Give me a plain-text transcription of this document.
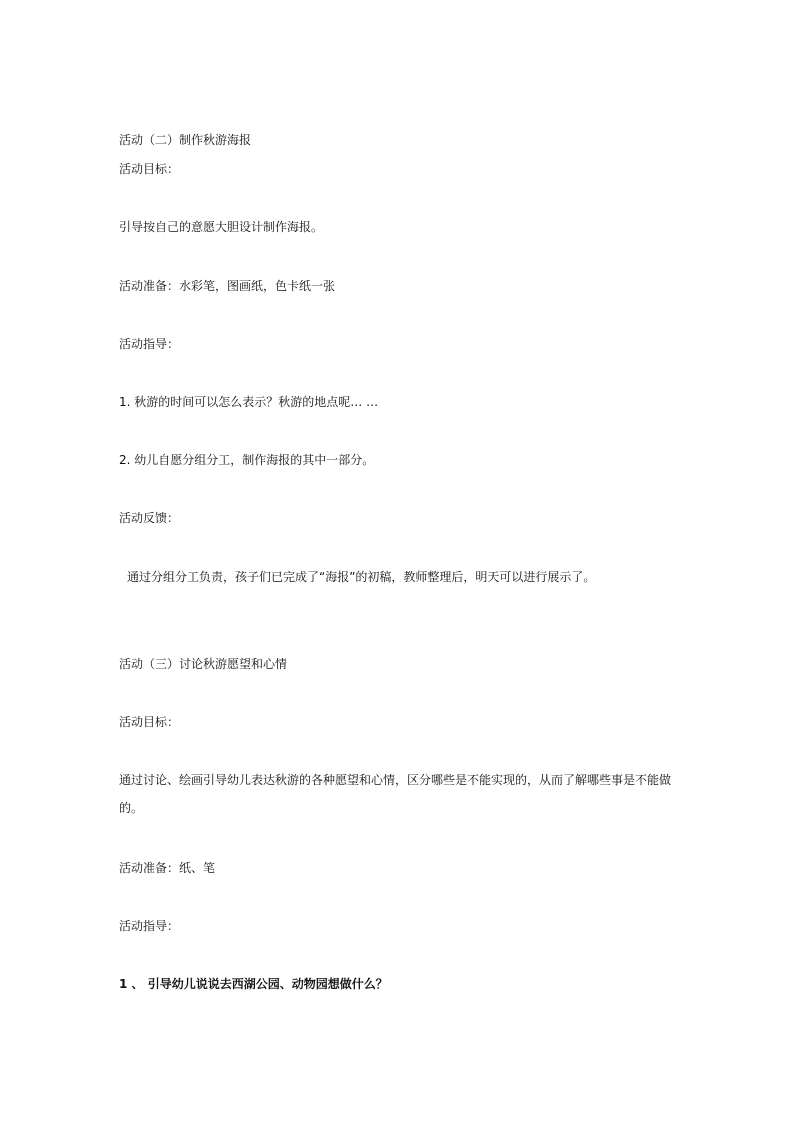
活动（二）制作秋游海报
活动目标：
引导按自己的意愿大胆设计制作海报。
活动准备：水彩笔，图画纸，色卡纸一张
活动指导：
1. 秋游的时间可以怎么表示？秋游的地点呢… …
2. 幼儿自愿分组分工，制作海报的其中一部分。
活动反馈：
通过分组分工负责，孩子们已完成了“海报”的初稿，教师整理后，明天可以进行展示了。
活动（三）讨论秋游愿望和心情
活动目标：
通过讨论、绘画引导幼儿表达秋游的各种愿望和心情，区分哪些是不能实现的，从而了解哪些事是不能做的。
活动准备：纸、笔
活动指导：
1 、 引导幼儿说说去西湖公园、动物园想做什么？
